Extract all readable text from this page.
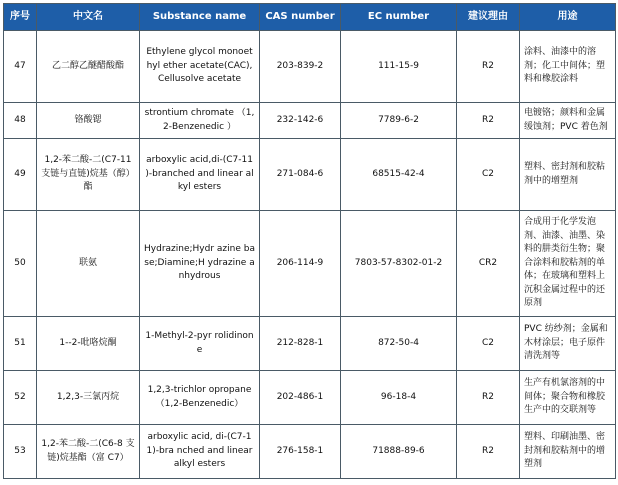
序号	中文名	Substance name	CAS number	EC number	建议理由	用途
47	乙二醇乙醚醋酸酯	Ethylene glycol monoethyl ether acetate(CAC), Cellusolve acetate	203-839-2	111-15-9	R2	涂料、油漆中的溶剂；化工中间体；塑料和橡胶涂料
48	铬酸锶	strontium chromate （1,2-Benzenedic ）	232-142-6	7789-6-2	R2	电镀铬；颜料和金属缓蚀剂；PVC 着色剂
49	1,2-苯二酸-二(C7-11 支链与直链)烷基（醇）酯	arboxylic acid,di-(C7-11 )-branched and linear alkyl esters	271-084-6	68515-42-4	C2	塑料、密封剂和胶粘剂中的增塑剂
50	联氨	Hydrazine;Hydr azine base;Diamine;H ydrazine anhydrous	206-114-9	7803-57-8302-01-2	CR2	合成用于化学发泡剂、油漆、油墨、染料的肼类衍生物；聚合涂料和胶粘剂的单体；在玻璃和塑料上沉积金属过程中的还原剂
51	1--2-吡咯烷酮	1-Methyl-2-pyr rolidinone	212-828-1	872-50-4	C2	PVC 纺纱剂；金属和木材涂层；电子原件清洗剂等
52	1,2,3-三氯丙烷	1,2,3-trichlor opropane （1,2-Benzenedic）	202-486-1	96-18-4	R2	生产有机氯溶剂的中间体；聚合物和橡胶生产中的交联剂等
53	1,2-苯二酸-二(C6-8 支链)烷基酯（富 C7）	arboxylic acid, di-(C7-11)-bra nched and linear alkyl esters	276-158-1	71888-89-6	R2	塑料、印刷油墨、密封剂和胶粘剂中的增塑剂
